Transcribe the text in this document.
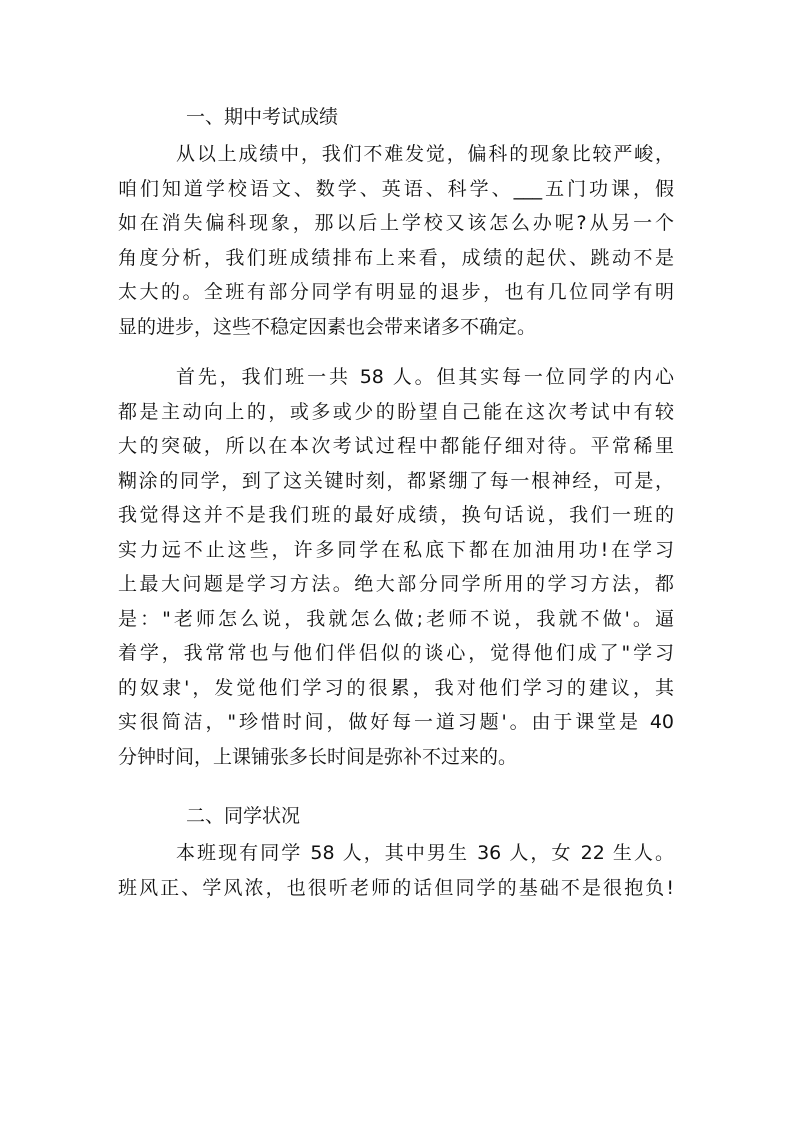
一、期中考试成绩

从以上成绩中，我们不难发觉，偏科的现象比较严峻，
咱们知道学校语文、数学、英语、科学、___五门功课，假
如在消失偏科现象，那以后上学校又该怎么办呢?从另一个
角度分析，我们班成绩排布上来看，成绩的起伏、跳动不是
太大的。全班有部分同学有明显的退步，也有几位同学有明
显的进步，这些不稳定因素也会带来诸多不确定。

首先，我们班一共 58 人。但其实每一位同学的内心
都是主动向上的，或多或少的盼望自己能在这次考试中有较
大的突破，所以在本次考试过程中都能仔细对待。平常稀里
糊涂的同学，到了这关键时刻，都紧绷了每一根神经，可是，
我觉得这并不是我们班的最好成绩，换句话说，我们一班的
实力远不止这些，许多同学在私底下都在加油用功!在学习
上最大问题是学习方法。绝大部分同学所用的学习方法，都
是："老师怎么说，我就怎么做;老师不说，我就不做'。逼
着学，我常常也与他们伴侣似的谈心，觉得他们成了"学习
的奴隶'，发觉他们学习的很累，我对他们学习的建议，其
实很简洁，"珍惜时间，做好每一道习题'。由于课堂是 40
分钟时间，上课铺张多长时间是弥补不过来的。

二、同学状况

本班现有同学 58 人，其中男生 36 人，女 22 生人。
班风正、学风浓，也很听老师的话但同学的基础不是很抱负!
